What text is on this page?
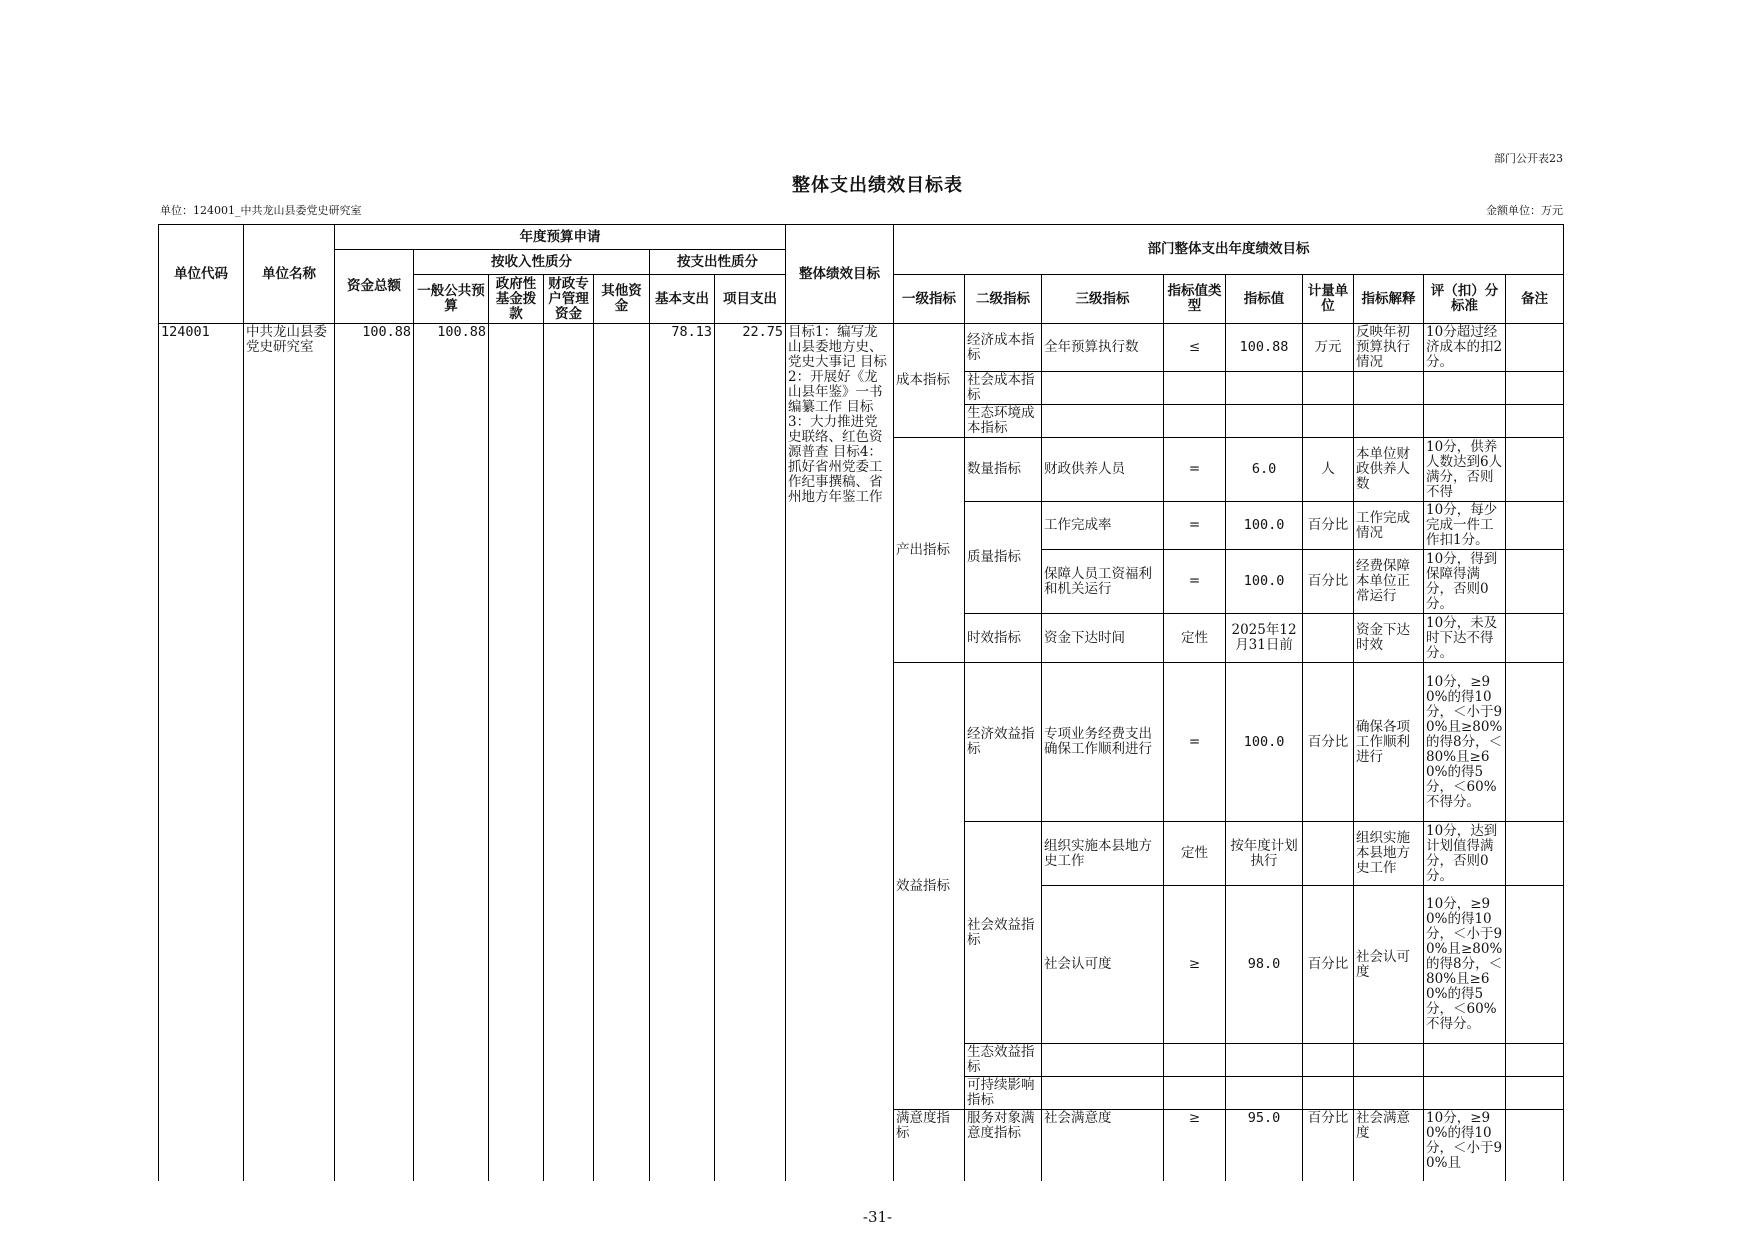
部门公开表23
整体支出绩效目标表
单位：124001_中共龙山县委党史研究室	金额单位：万元
单位代码	单位名称	年度预算申请							整体绩效目标	部门整体支出年度绩效目标								
		资金总额	按收入性质分				按支出性质分											
			一般公共预算	政府性基金拨款	财政专户管理资金	其他资金	基本支出	项目支出		一级指标	二级指标	三级指标	指标值类型	指标值	计量单位	指标解释	评（扣）分标准	备注
124001	中共龙山县委党史研究室	100.88	100.88				78.13	22.75	目标1：编写龙山县委地方史、党史大事记 目标2：开展好《龙山县年鉴》一书编纂工作 目标3：大力推进党史联络、红色资源普查 目标4：抓好省州党委工作纪事撰稿、省州地方年鉴工作	成本指标	经济成本指标	全年预算执行数	≤	100.88	万元	反映年初预算执行情况	10分超过经济成本的扣2分。	
											社会成本指标							
											生态环境成本指标							
										产出指标	数量指标	财政供养人员	=	6.0	人	本单位财政供养人数	10分，供养人数达到6人满分，否则不得	
											质量指标	工作完成率	=	100.0	百分比	工作完成情况	10分，每少完成一件工作扣1分。	
												保障人员工资福利和机关运行	=	100.0	百分比	经费保障本单位正常运行	10分，得到保障得满分，否则0分。	
											时效指标	资金下达时间	定性	2025年12月31日前		资金下达时效	10分，未及时下达不得分。	
										效益指标	经济效益指标	专项业务经费支出确保工作顺利进行	=	100.0	百分比	确保各项工作顺利进行	10分，≥90%的得10分，＜小于90%且≥80%的得8分，＜80%且≥60%的得5分，＜60%不得分。	
											社会效益指标	组织实施本县地方史工作	定性	按年度计划执行		组织实施本县地方史工作	10分，达到计划值得满分，否则0分。	
												社会认可度	≥	98.0	百分比	社会认可度	10分，≥90%的得10分，＜小于90%且≥80%的得8分，＜80%且≥60%的得5分，＜60%不得分。	
											生态效益指标							
											可持续影响指标							
										满意度指标	服务对象满意度指标	社会满意度	≥	95.0	百分比	社会满意度	10分，≥90%的得10分，＜小于90%且	
-31-
